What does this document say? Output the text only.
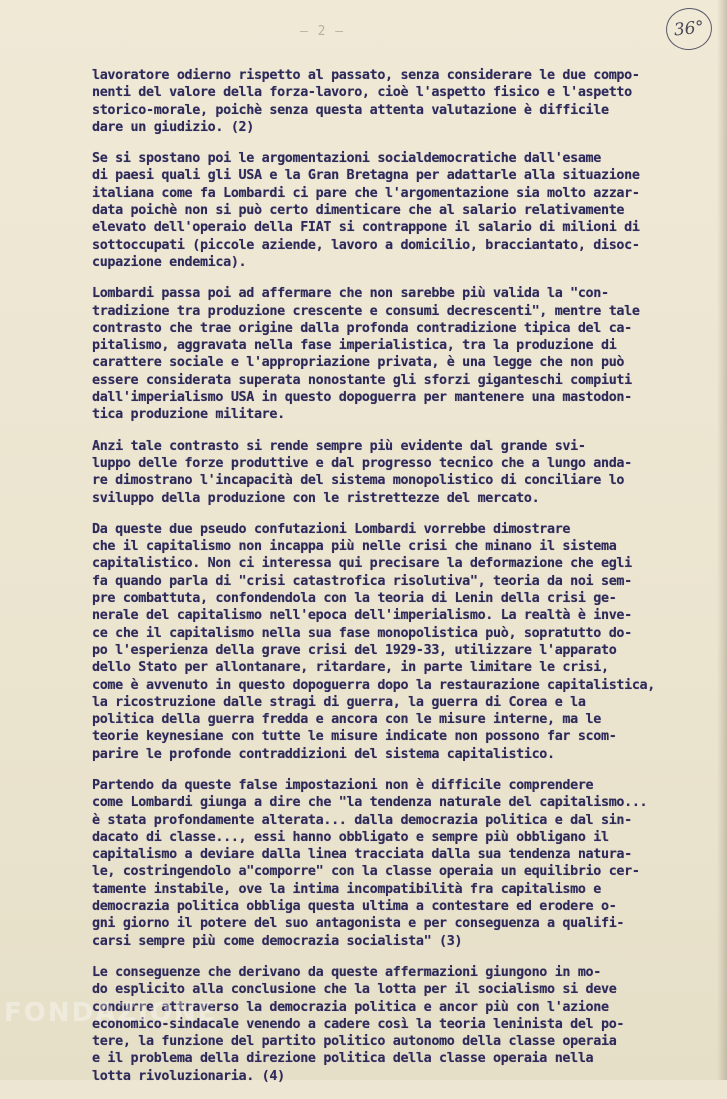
– 2 –	36°

lavoratore odierno rispetto al passato, senza considerare le due compo-
nenti del valore della forza-lavoro, cioè l'aspetto fisico e l'aspetto
storico-morale, poichè senza questa attenta valutazione è difficile
dare un giudizio. (2)

Se si spostano poi le argomentazioni socialdemocratiche dall'esame
di paesi quali gli USA e la Gran Bretagna per adattarle alla situazione
italiana come fa Lombardi ci pare che l'argomentazione sia molto azzar-
data poichè non si può certo dimenticare che al salario relativamente
elevato dell'operaio della FIAT si contrappone il salario di milioni di
sottoccupati (piccole aziende, lavoro a domicilio, bracciantato, disoc-
cupazione endemica).

Lombardi passa poi ad affermare che non sarebbe più valida la "con-
tradizione tra produzione crescente e consumi decrescenti", mentre tale
contrasto che trae origine dalla profonda contradizione tipica del ca-
pitalismo, aggravata nella fase imperialistica, tra la produzione di
carattere sociale e l'appropriazione privata, è una legge che non può
essere considerata superata nonostante gli sforzi giganteschi compiuti
dall'imperialismo USA in questo dopoguerra per mantenere una mastodon-
tica produzione militare.

Anzi tale contrasto si rende sempre più evidente dal grande svi-
luppo delle forze produttive e dal progresso tecnico che a lungo anda-
re dimostrano l'incapacità del sistema monopolistico di conciliare lo
sviluppo della produzione con le ristrettezze del mercato.

Da queste due pseudo confutazioni Lombardi vorrebbe dimostrare
che il capitalismo non incappa più nelle crisi che minano il sistema
capitalistico. Non ci interessa qui precisare la deformazione che egli
fa quando parla di "crisi catastrofica risolutiva", teoria da noi sem-
pre combattuta, confondendola con la teoria di Lenin della crisi ge-
nerale del capitalismo nell'epoca dell'imperialismo. La realtà è inve-
ce che il capitalismo nella sua fase monopolistica può, sopratutto do-
po l'esperienza della grave crisi del 1929-33, utilizzare l'apparato
dello Stato per allontanare, ritardare, in parte limitare le crisi,
come è avvenuto in questo dopoguerra dopo la restaurazione capitalistica,
la ricostruzione dalle stragi di guerra, la guerra di Corea e la
politica della guerra fredda e ancora con le misure interne, ma le
teorie keynesiane con tutte le misure indicate non possono far scom-
parire le profonde contraddizioni del sistema capitalistico.

Partendo da queste false impostazioni non è difficile comprendere
come Lombardi giunga a dire che "la tendenza naturale del capitalismo...
è stata profondamente alterata... dalla democrazia politica e dal sin-
dacato di classe..., essi hanno obbligato e sempre più obbligano il
capitalismo a deviare dalla linea tracciata dalla sua tendenza natura-
le, costringendolo a"comporre" con la classe operaia un equilibrio cer-
tamente instabile, ove la intima incompatibilità fra capitalismo e
democrazia politica obbliga questa ultima a contestare ed erodere o-
gni giorno il potere del suo antagonista e per conseguenza a qualifi-
carsi sempre più come democrazia socialista" (3)

Le conseguenze che derivano da queste affermazioni giungono in mo-
do esplicito alla conclusione che la lotta per il socialismo si deve
condurre attraverso la democrazia politica e ancor più con l'azione
economico-sindacale venendo a cadere così la teoria leninista del po-
tere, la funzione del partito politico autonomo della classe operaia
e il problema della direzione politica della classe operaia nella
lotta rivoluzionaria. (4)

FONDAZIONE
